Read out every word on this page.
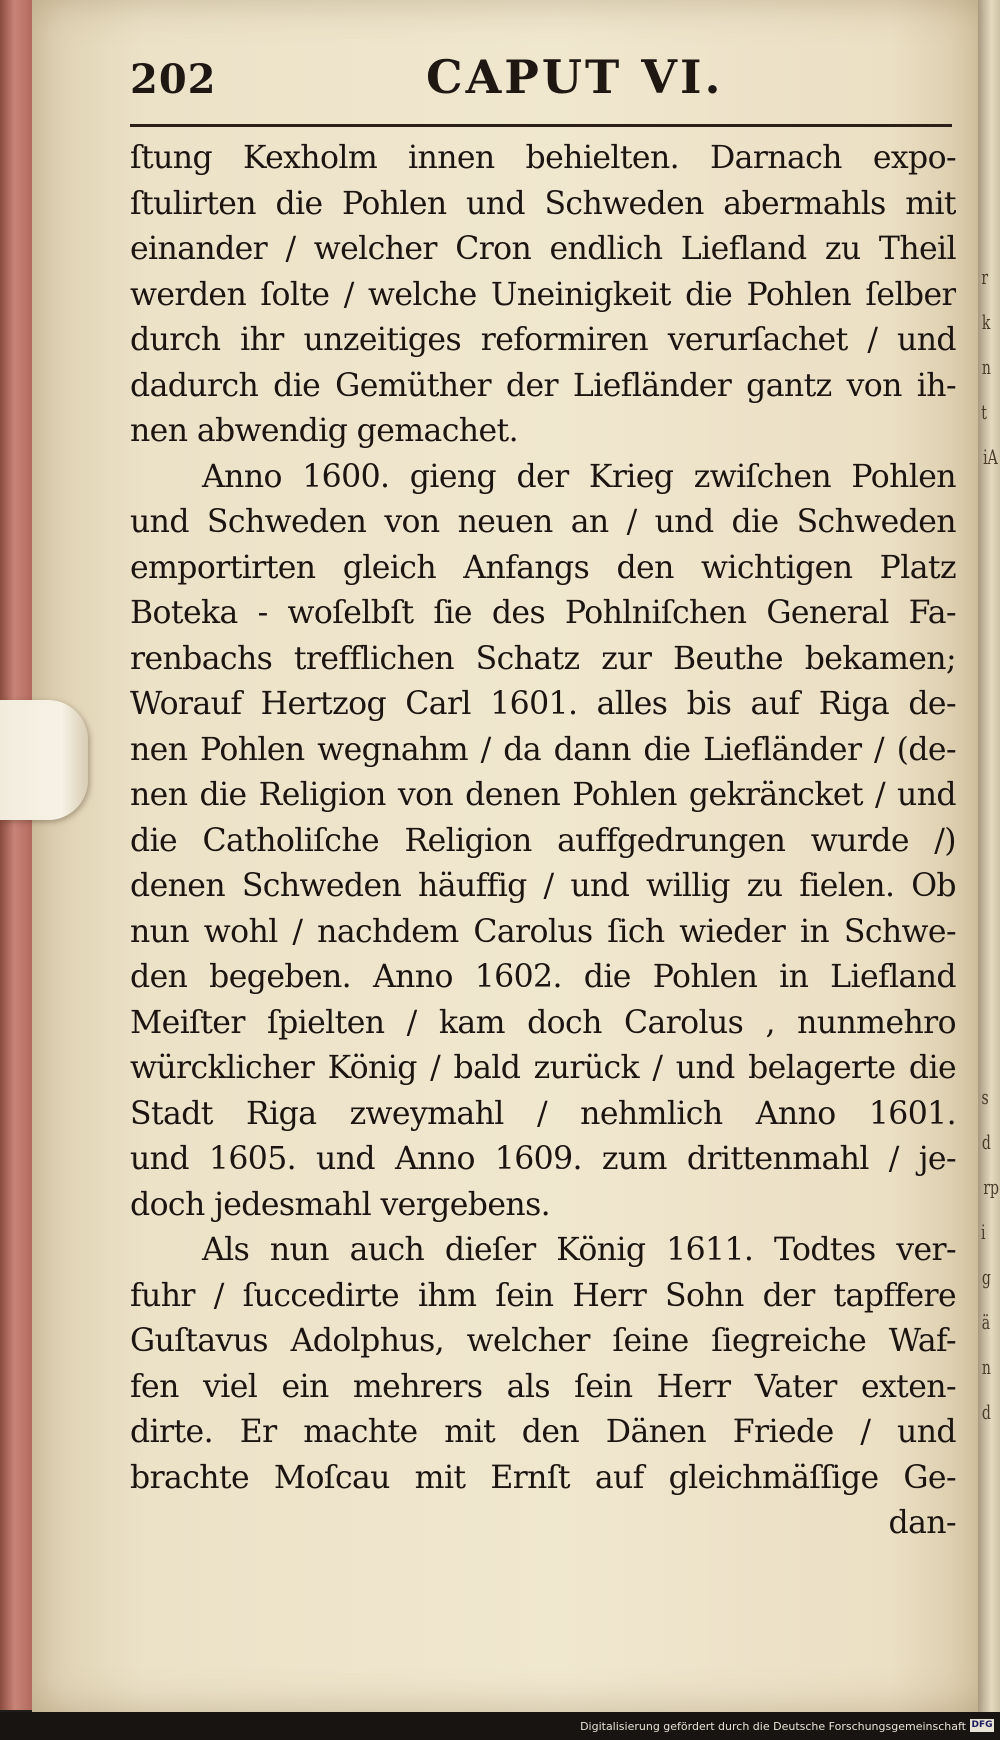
r
k
n
t
iA
s
d
rp
i
g
ä
n
d
202	CAPUT VI.
ſtung Kexholm innen behielten. Darnach expo-
ſtulirten die Pohlen und Schweden abermahls mit
einander / welcher Cron endlich Liefland zu Theil
werden ſolte / welche Uneinigkeit die Pohlen ſelber
durch ihr unzeitiges reformiren verurſachet / und
dadurch die Gemüther der Liefländer gantz von ih-
nen abwendig gemachet.
Anno 1600. gieng der Krieg zwiſchen Pohlen
und Schweden von neuen an / und die Schweden
emportirten gleich Anfangs den wichtigen Platz
Boteka - woſelbſt ſie des Pohlniſchen General Fa-
renbachs trefflichen Schatz zur Beuthe bekamen;
Worauf Hertzog Carl 1601. alles bis auf Riga de-
nen Pohlen wegnahm / da dann die Liefländer / (de-
nen die Religion von denen Pohlen gekräncket / und
die Catholiſche Religion auffgedrungen wurde /)
denen Schweden häuffig / und willig zu fielen. Ob
nun wohl / nachdem Carolus ſich wieder in Schwe-
den begeben. Anno 1602. die Pohlen in Liefland
Meiſter ſpielten / kam doch Carolus , nunmehro
würcklicher König / bald zurück / und belagerte die
Stadt Riga zweymahl / nehmlich Anno 1601.
und 1605. und Anno 1609. zum drittenmahl / je-
doch jedesmahl vergebens.
Als nun auch dieſer König 1611. Todtes ver-
fuhr / ſuccedirte ihm ſein Herr Sohn der tapffere
Guſtavus Adolphus, welcher ſeine ſiegreiche Waf-
fen viel ein mehrers als ſein Herr Vater exten-
dirte. Er machte mit den Dänen Friede / und
brachte Moſcau mit Ernſt auf gleichmäſſige Ge-
dan-
Digitalisierung gefördert durch die Deutsche Forschungsgemeinschaft DFG
